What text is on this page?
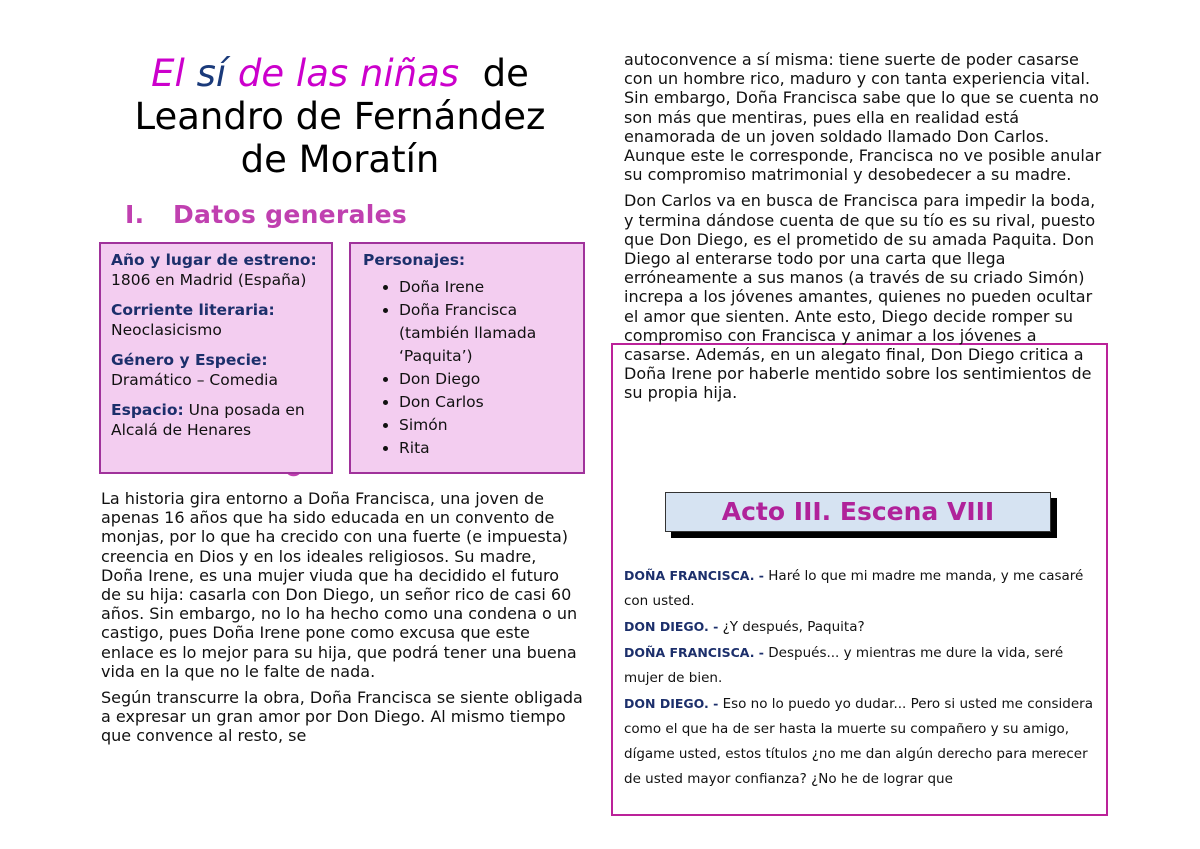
El sí de las niñas de
Leandro de Fernández
de Moratín
I. Datos generales

Año y lugar de estreno: 1806 en Madrid (España)

Corriente literaria:
Neoclasicismo

Género y Especie:
Dramático – Comedia

Espacio: Una posada en Alcalá de Henares

Personajes:
• Doña Irene
• Doña Francisca (también llamada ‘Paquita’)
• Don Diego
• Don Carlos
• Simón
• Rita

La historia gira entorno a Doña Francisca, una joven de apenas 16 años que ha sido educada en un convento de monjas, por lo que ha crecido con una fuerte (e impuesta) creencia en Dios y en los ideales religiosos. Su madre, Doña Irene, es una mujer viuda que ha decidido el futuro de su hija: casarla con Don Diego, un señor rico de casi 60 años. Sin embargo, no lo ha hecho como una condena o un castigo, pues Doña Irene pone como excusa que este enlace es lo mejor para su hija, que podrá tener una buena vida en la que no le falte de nada.

Según transcurre la obra, Doña Francisca se siente obligada a expresar un gran amor por Don Diego. Al mismo tiempo que convence al resto, se

autoconvence a sí misma: tiene suerte de poder casarse con un hombre rico, maduro y con tanta experiencia vital. Sin embargo, Doña Francisca sabe que lo que se cuenta no son más que mentiras, pues ella en realidad está enamorada de un joven soldado llamado Don Carlos. Aunque este le corresponde, Francisca no ve posible anular su compromiso matrimonial y desobedecer a su madre.

Don Carlos va en busca de Francisca para impedir la boda, y termina dándose cuenta de que su tío es su rival, puesto que Don Diego, es el prometido de su amada Paquita. Don Diego al enterarse todo por una carta que llega erróneamente a sus manos (a través de su criado Simón) increpa a los jóvenes amantes, quienes no pueden ocultar el amor que sienten. Ante esto, Diego decide romper su compromiso con Francisca y animar a los jóvenes a casarse. Además, en un alegato final, Don Diego critica a Doña Irene por haberle mentido sobre los sentimientos de su propia hija.

Acto III. Escena VIII

DOÑA FRANCISCA. - Haré lo que mi madre me manda, y me casaré con usted.

DON DIEGO. - ¿Y después, Paquita?

DOÑA FRANCISCA. - Después... y mientras me dure la vida, seré mujer de bien.

DON DIEGO. - Eso no lo puedo yo dudar... Pero si usted me considera como el que ha de ser hasta la muerte su compañero y su amigo, dígame usted, estos títulos ¿no me dan algún derecho para merecer de usted mayor confianza? ¿No he de lograr que
